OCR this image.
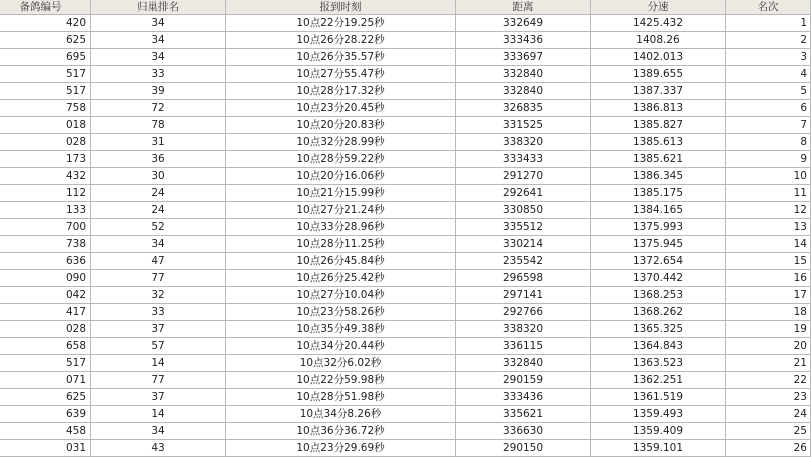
备鸽编号	归巢排名	报到时刻	距离	分速	名次
420	34	10点22分19.25秒	332649	1425.432	1
625	34	10点26分28.22秒	333436	1408.26	2
695	34	10点26分35.57秒	333697	1402.013	3
517	33	10点27分55.47秒	332840	1389.655	4
517	39	10点28分17.32秒	332840	1387.337	5
758	72	10点23分20.45秒	326835	1386.813	6
018	78	10点20分20.83秒	331525	1385.827	7
028	31	10点32分28.99秒	338320	1385.613	8
173	36	10点28分59.22秒	333433	1385.621	9
432	30	10点20分16.06秒	291270	1386.345	10
112	24	10点21分15.99秒	292641	1385.175	11
133	24	10点27分21.24秒	330850	1384.165	12
700	52	10点33分28.96秒	335512	1375.993	13
738	34	10点28分11.25秒	330214	1375.945	14
636	47	10点26分45.84秒	235542	1372.654	15
090	77	10点26分25.42秒	296598	1370.442	16
042	32	10点27分10.04秒	297141	1368.253	17
417	33	10点23分58.26秒	292766	1368.262	18
028	37	10点35分49.38秒	338320	1365.325	19
658	57	10点34分20.44秒	336115	1364.843	20
517	14	10点32分6.02秒	332840	1363.523	21
071	77	10点22分59.98秒	290159	1362.251	22
625	37	10点28分51.98秒	333436	1361.519	23
639	14	10点34分8.26秒	335621	1359.493	24
458	34	10点36分36.72秒	336630	1359.409	25
031	43	10点23分29.69秒	290150	1359.101	26
